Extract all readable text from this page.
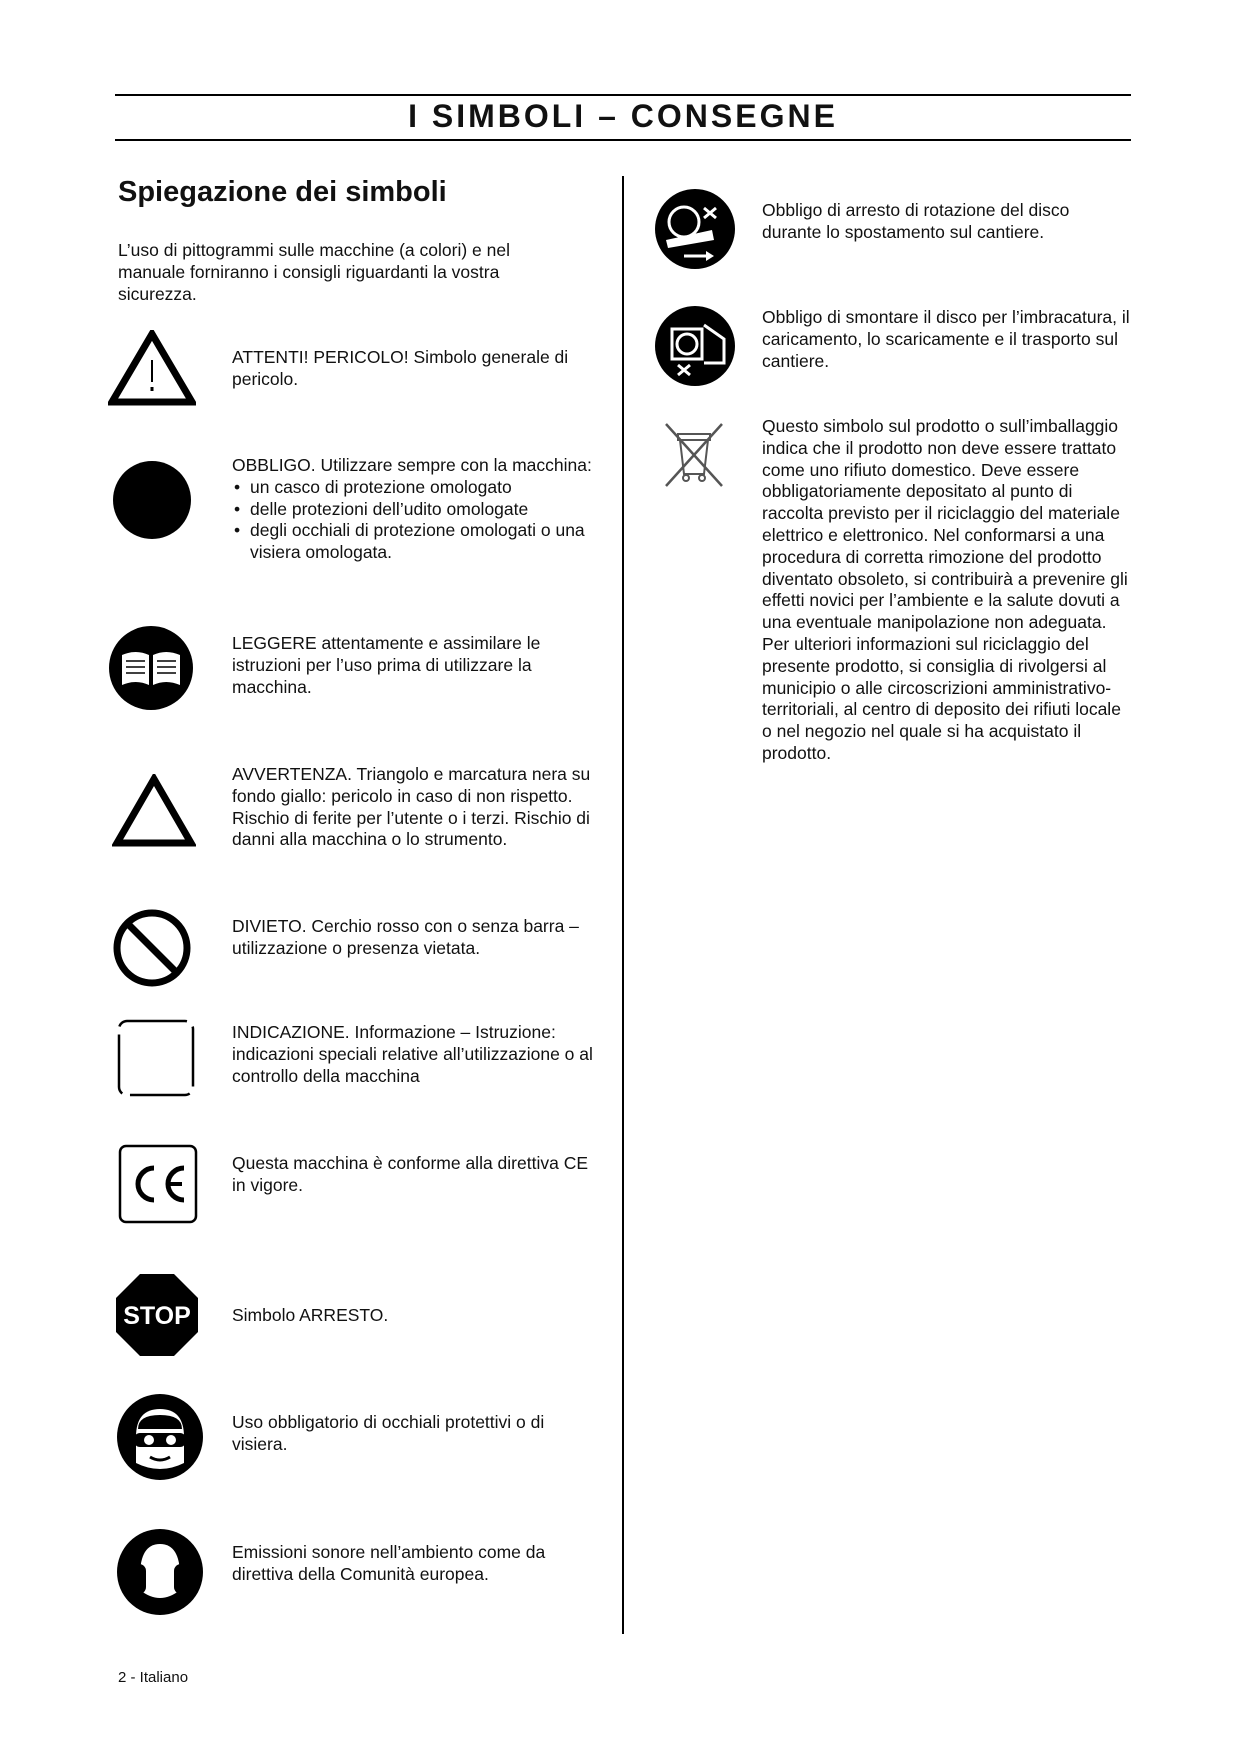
I SIMBOLI – CONSEGNE
Spiegazione dei simboli
L’uso di pittogrammi sulle macchine (a colori) e nel manuale forniranno i consigli riguardanti la vostra sicurezza.
ATTENTI! PERICOLO! Simbolo generale di pericolo.
OBBLIGO. Utilizzare sempre con la macchina:
• un casco di protezione omologato
• delle protezioni dell’udito omologate
• degli occhiali di protezione omologati o una visiera omologata.
LEGGERE attentamente e assimilare le istruzioni per l’uso prima di utilizzare la macchina.
AVVERTENZA. Triangolo e marcatura nera su fondo giallo: pericolo in caso di non rispetto. Rischio di ferite per l’utente o i terzi. Rischio di danni alla macchina o lo strumento.
DIVIETO. Cerchio rosso con o senza barra – utilizzazione o presenza vietata.
INDICAZIONE. Informazione – Istruzione: indicazioni speciali relative all’utilizzazione o al controllo della macchina
Questa macchina è conforme alla direttiva CE in vigore.
STOP Simbolo ARRESTO.
Uso obbligatorio di occhiali protettivi o di visiera.
Emissioni sonore nell’ambiento come da direttiva della Comunità europea.
Obbligo di arresto di rotazione del disco durante lo spostamento sul cantiere.
Obbligo di smontare il disco per l’imbracatura, il caricamento, lo scaricamente e il trasporto sul cantiere.
Questo simbolo sul prodotto o sull’imballaggio indica che il prodotto non deve essere trattato come uno rifiuto domestico. Deve essere obbligatoriamente depositato al punto di raccolta previsto per il riciclaggio del materiale elettrico e elettronico. Nel conformarsi a una procedura di corretta rimozione del prodotto diventato obsoleto, si contribuirà a prevenire gli effetti novici per l’ambiente e la salute dovuti a una eventuale manipolazione non adeguata. Per ulteriori informazioni sul riciclaggio del presente prodotto, si consiglia di rivolgersi al municipio o alle circoscrizioni amministrativo-territoriali, al centro di deposito dei rifiuti locale o nel negozio nel quale si ha acquistato il prodotto.
2 - Italiano
